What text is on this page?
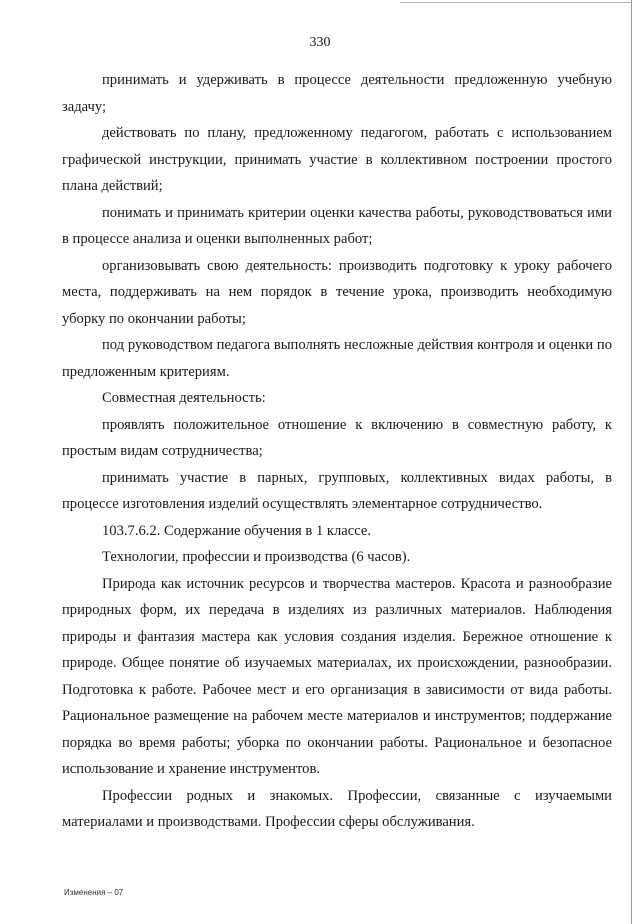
330

принимать и удерживать в процессе деятельности предложенную учебную задачу;

действовать по плану, предложенному педагогом, работать с использованием графической инструкции, принимать участие в коллективном построении простого плана действий;

понимать и принимать критерии оценки качества работы, руководствоваться ими в процессе анализа и оценки выполненных работ;

организовывать свою деятельность: производить подготовку к уроку рабочего места, поддерживать на нем порядок в течение урока, производить необходимую уборку по окончании работы;

под руководством педагога выполнять несложные действия контроля и оценки по предложенным критериям.

Совместная деятельность:

проявлять положительное отношение к включению в совместную работу, к простым видам сотрудничества;

принимать участие в парных, групповых, коллективных видах работы, в процессе изготовления изделий осуществлять элементарное сотрудничество.

103.7.6.2. Содержание обучения в 1 классе.

Технологии, профессии и производства (6 часов).

Природа как источник ресурсов и творчества мастеров. Красота и разнообразие природных форм, их передача в изделиях из различных материалов. Наблюдения природы и фантазия мастера как условия создания изделия. Бережное отношение к природе. Общее понятие об изучаемых материалах, их происхождении, разнообразии. Подготовка к работе. Рабочее мест и его организация в зависимости от вида работы. Рациональное размещение на рабочем месте материалов и инструментов; поддержание порядка во время работы; уборка по окончании работы. Рациональное и безопасное использование и хранение инструментов.

Профессии родных и знакомых. Профессии, связанные с изучаемыми материалами и производствами. Профессии сферы обслуживания.

Изменения – 07
